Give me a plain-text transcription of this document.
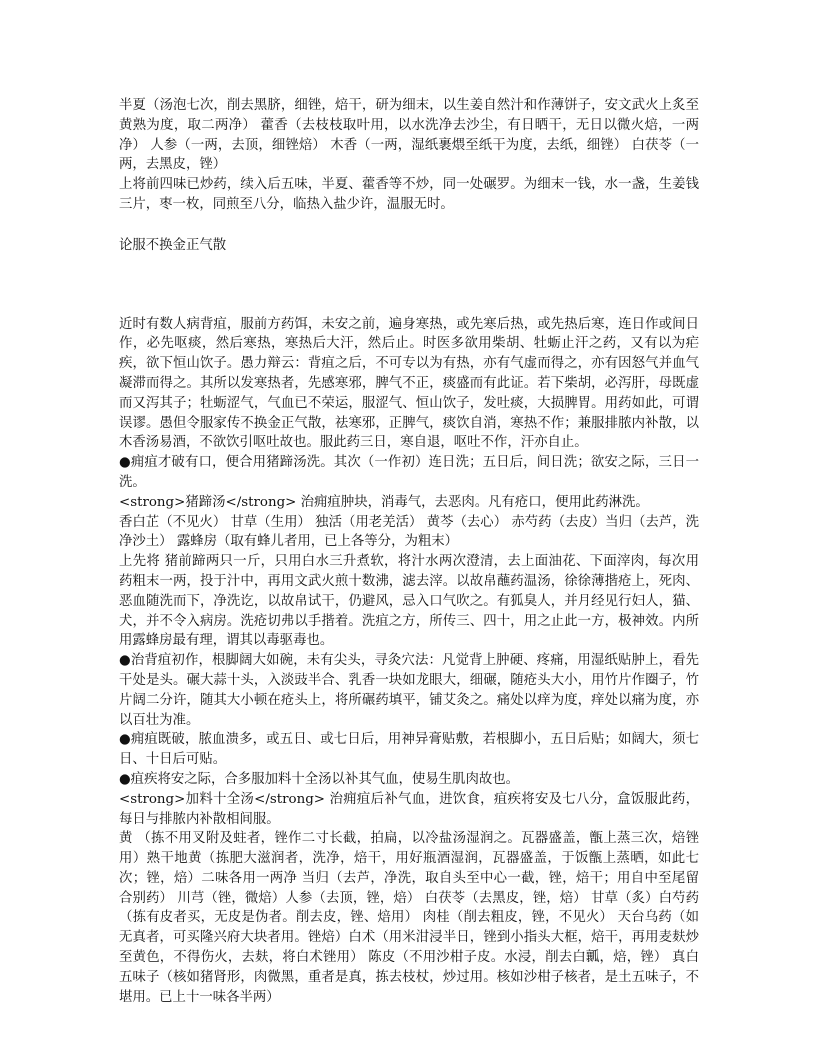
半夏（汤泡七次，削去黑脐，细锉，焙干，研为细末，以生姜自然汁和作薄饼子，安文武火上炙至黄熟为度，取二两净） 藿香（去枝枝取叶用，以水洗净去沙尘，有日晒干，无日以微火焙，一两净） 人参（一两，去顶，细锉焙） 木香（一两，湿纸裹煨至纸干为度，去纸，细锉） 白茯苓（一两，去黑皮，锉）

上将前四味已炒药，续入后五味，半夏、藿香等不炒，同一处碾罗。为细末一钱，水一盏，生姜钱三片，枣一枚，同煎至八分，临热入盐少许，温服无时。

论服不换金正气散

近时有数人病背疽，服前方药饵，未安之前，遍身寒热，或先寒后热，或先热后寒，连日作或间日作，必先呕痰，然后寒热，寒热后大汗，然后止。时医多欲用柴胡、牡蛎止汗之药，又有以为疟疾，欲下恒山饮子。愚力辩云：背疽之后，不可专以为有热，亦有气虚而得之，亦有因怒气并血气凝滞而得之。其所以发寒热者，先感寒邪，脾气不正，痰盛而有此证。若下柴胡，必泻肝，母既虚而又泻其子；牡蛎涩气，气血已不荣运，服涩气、恒山饮子，发吐痰，大损脾胃。用药如此，可谓误谬。愚但令服家传不换金正气散，祛寒邪，正脾气，痰饮自消，寒热不作；兼服排脓内补散，以木香汤易酒，不欲饮引呕吐故也。服此药三日，寒自退，呕吐不作，汗亦自止。

●痈疽才破有口，便合用猪蹄汤洗。其次（一作初）连日洗；五日后，间日洗；欲安之际，三日一洗。

<strong>猪蹄汤</strong> 治痈疽肿块，消毒气，去恶肉。凡有疮口，便用此药淋洗。

香白芷（不见火） 甘草（生用） 独活（用老羌活） 黄芩（去心） 赤芍药（去皮）当归（去芦，洗净沙土） 露蜂房（取有蜂儿者用，已上各等分，为粗末）

上先将 猪前蹄两只一斤，只用白水三升煮软，将汁水两次澄清，去上面油花、下面滓肉，每次用药粗末一两，投于汁中，再用文武火煎十数沸，滤去滓。以故帛蘸药温汤，徐徐薄揩疮上，死肉、恶血随洗而下，净洗讫，以故帛试干，仍避风，忌入口气吹之。有狐臭人，并月经见行妇人，猫、犬，并不令入病房。洗疮切弗以手揩着。洗疽之方，所传三、四十，用之止此一方，极神效。内所用露蜂房最有理，谓其以毒驱毒也。

●治背疽初作，根脚阔大如碗，未有尖头，寻灸穴法：凡觉背上肿硬、疼痛，用湿纸贴肿上，看先干处是头。碾大蒜十头，入淡豉半合、乳香一块如龙眼大，细碾，随疮头大小，用竹片作圈子，竹片阔二分许，随其大小顿在疮头上，将所碾药填平，铺艾灸之。痛处以痒为度，痒处以痛为度，亦以百壮为准。

●痈疽既破，脓血溃多，或五日、或七日后，用神异膏贴敷，若根脚小，五日后贴；如阔大，须七日、十日后可贴。

●疽疾将安之际，合多服加料十全汤以补其气血，使易生肌肉故也。

<strong>加料十全汤</strong> 治痈疽后补气血，进饮食，疽疾将安及七八分，盒饭服此药，每日与排脓内补散相间服。

黄 （拣不用叉附及蛀者，锉作二寸长截，拍扁，以冷盐汤湿润之。瓦器盛盖，甑上蒸三次，焙锉用）熟干地黄（拣肥大滋润者，洗净，焙干，用好瓶酒湿润，瓦器盛盖，于饭甑上蒸晒，如此七次；锉，焙）二味各用一两净 当归（去芦，净洗，取自头至中心一截，锉，焙干；用自中至尾留合别药） 川芎（锉，微焙）人参（去顶，锉，焙） 白茯苓（去黑皮，锉，焙） 甘草（炙）白芍药（拣有皮者买，无皮是伪者。削去皮，锉、焙用） 肉桂（削去粗皮，锉，不见火） 天台乌药（如无真者，可买隆兴府大块者用。锉焙）白术（用米泔浸半日，锉到小指头大框，焙干，再用麦麸炒至黄色，不得伤火，去麸，将白术锉用） 陈皮（不用沙柑子皮。水浸，削去白瓤，焙，锉） 真白五味子（核如猪肾形，肉微黑，重者是真，拣去枝杖，炒过用。核如沙柑子核者，是土五味子，不堪用。已上十一味各半两）
